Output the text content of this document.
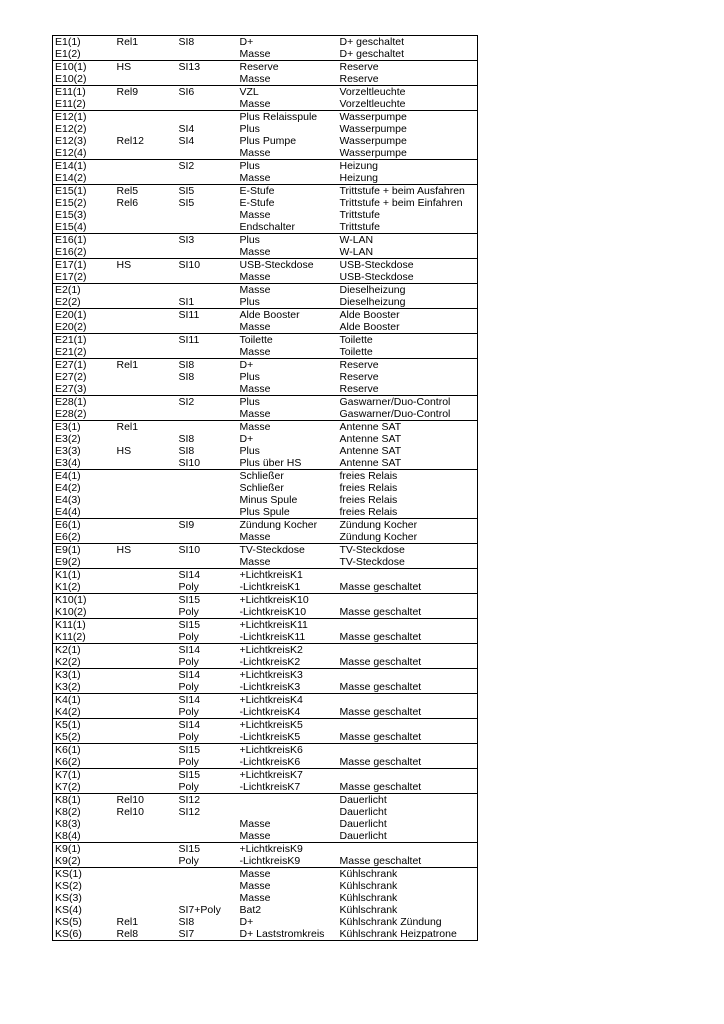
E1(1)	Rel1	SI8	D+	D+ geschaltet
E1(2)			Masse	D+ geschaltet
E10(1)	HS	SI13	Reserve	Reserve
E10(2)			Masse	Reserve
E11(1)	Rel9	SI6	VZL	Vorzeltleuchte
E11(2)			Masse	Vorzeltleuchte
E12(1)			Plus Relaisspule	Wasserpumpe
E12(2)		SI4	Plus	Wasserpumpe
E12(3)	Rel12	SI4	Plus Pumpe	Wasserpumpe
E12(4)			Masse	Wasserpumpe
E14(1)		SI2	Plus	Heizung
E14(2)			Masse	Heizung
E15(1)	Rel5	SI5	E-Stufe	Trittstufe + beim Ausfahren
E15(2)	Rel6	SI5	E-Stufe	Trittstufe + beim Einfahren
E15(3)			Masse	Trittstufe
E15(4)			Endschalter	Trittstufe
E16(1)		SI3	Plus	W-LAN
E16(2)			Masse	W-LAN
E17(1)	HS	SI10	USB-Steckdose	USB-Steckdose
E17(2)			Masse	USB-Steckdose
E2(1)			Masse	Dieselheizung
E2(2)		SI1	Plus	Dieselheizung
E20(1)		SI11	Alde Booster	Alde Booster
E20(2)			Masse	Alde Booster
E21(1)		SI11	Toilette	Toilette
E21(2)			Masse	Toilette
E27(1)	Rel1	SI8	D+	Reserve
E27(2)		SI8	Plus	Reserve
E27(3)			Masse	Reserve
E28(1)		SI2	Plus	Gaswarner/Duo-Control
E28(2)			Masse	Gaswarner/Duo-Control
E3(1)	Rel1		Masse	Antenne SAT
E3(2)		SI8	D+	Antenne SAT
E3(3)	HS	SI8	Plus	Antenne SAT
E3(4)		SI10	Plus über HS	Antenne SAT
E4(1)			Schließer	freies Relais
E4(2)			Schließer	freies Relais
E4(3)			Minus Spule	freies Relais
E4(4)			Plus Spule	freies Relais
E6(1)		SI9	Zündung Kocher	Zündung Kocher
E6(2)			Masse	Zündung Kocher
E9(1)	HS	SI10	TV-Steckdose	TV-Steckdose
E9(2)			Masse	TV-Steckdose
K1(1)		SI14	+LichtkreisK1	
K1(2)		Poly	-LichtkreisK1	Masse geschaltet
K10(1)		SI15	+LichtkreisK10	
K10(2)		Poly	-LichtkreisK10	Masse geschaltet
K11(1)		SI15	+LichtkreisK11	
K11(2)		Poly	-LichtkreisK11	Masse geschaltet
K2(1)		SI14	+LichtkreisK2	
K2(2)		Poly	-LichtkreisK2	Masse geschaltet
K3(1)		SI14	+LichtkreisK3	
K3(2)		Poly	-LichtkreisK3	Masse geschaltet
K4(1)		SI14	+LichtkreisK4	
K4(2)		Poly	-LichtkreisK4	Masse geschaltet
K5(1)		SI14	+LichtkreisK5	
K5(2)		Poly	-LichtkreisK5	Masse geschaltet
K6(1)		SI15	+LichtkreisK6	
K6(2)		Poly	-LichtkreisK6	Masse geschaltet
K7(1)		SI15	+LichtkreisK7	
K7(2)		Poly	-LichtkreisK7	Masse geschaltet
K8(1)	Rel10	SI12		Dauerlicht
K8(2)	Rel10	SI12		Dauerlicht
K8(3)			Masse	Dauerlicht
K8(4)			Masse	Dauerlicht
K9(1)		SI15	+LichtkreisK9	
K9(2)		Poly	-LichtkreisK9	Masse geschaltet
KS(1)			Masse	Kühlschrank
KS(2)			Masse	Kühlschrank
KS(3)			Masse	Kühlschrank
KS(4)		SI7+Poly	Bat2	Kühlschrank
KS(5)	Rel1	SI8	D+	Kühlschrank Zündung
KS(6)	Rel8	SI7	D+ Laststromkreis	Kühlschrank Heizpatrone
